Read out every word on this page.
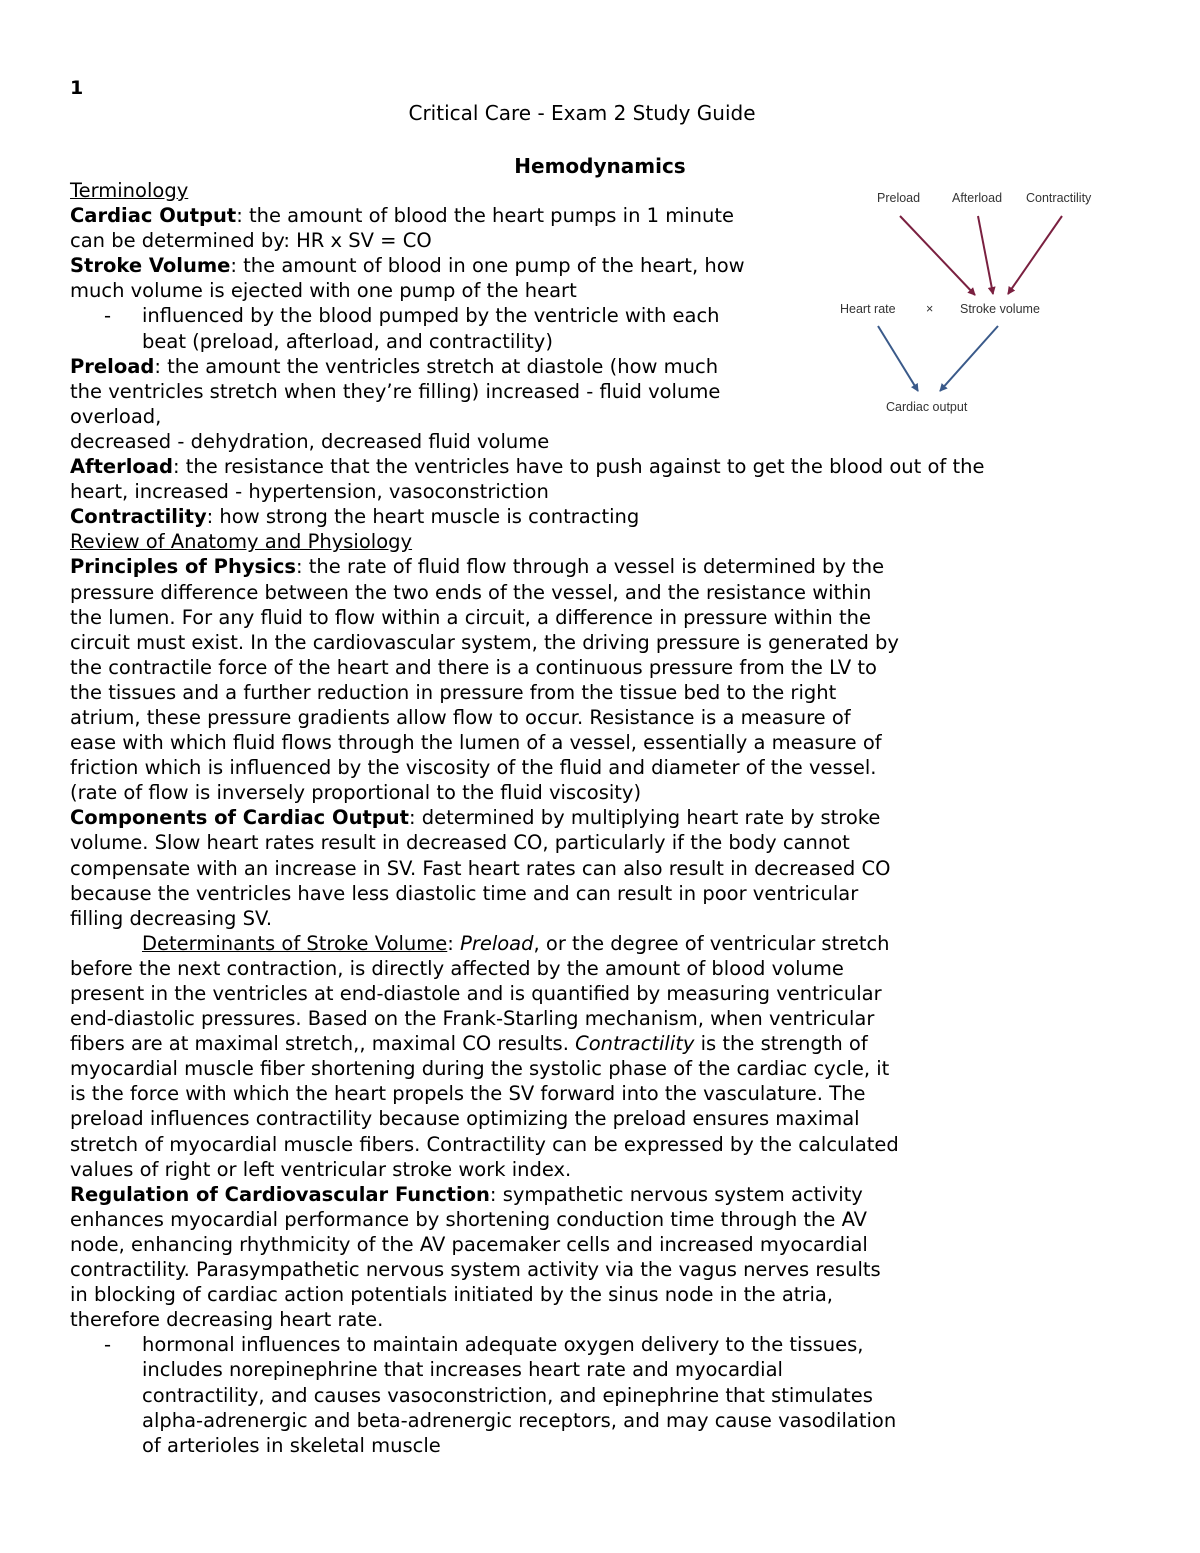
1
Critical Care - Exam 2 Study Guide
Hemodynamics
Preload	Afterload Contractility
Heart rate × Stroke volume
Cardiac output
Terminology
Cardiac Output: the amount of blood the heart pumps in 1 minute
can be determined by: HR x SV = CO
Stroke Volume: the amount of blood in one pump of the heart, how
much volume is ejected with one pump of the heart
- influenced by the blood pumped by the ventricle with each
beat (preload, afterload, and contractility)
Preload: the amount the ventricles stretch at diastole (how much
the ventricles stretch when they’re filling) increased - fluid volume
overload,
decreased - dehydration, decreased fluid volume
Afterload: the resistance that the ventricles have to push against to get the blood out of the
heart, increased - hypertension, vasoconstriction
Contractility: how strong the heart muscle is contracting
Review of Anatomy and Physiology
Principles of Physics: the rate of fluid flow through a vessel is determined by the
pressure difference between the two ends of the vessel, and the resistance within
the lumen. For any fluid to flow within a circuit, a difference in pressure within the
circuit must exist. In the cardiovascular system, the driving pressure is generated by
the contractile force of the heart and there is a continuous pressure from the LV to
the tissues and a further reduction in pressure from the tissue bed to the right
atrium, these pressure gradients allow flow to occur. Resistance is a measure of
ease with which fluid flows through the lumen of a vessel, essentially a measure of
friction which is influenced by the viscosity of the fluid and diameter of the vessel.
(rate of flow is inversely proportional to the fluid viscosity)
Components of Cardiac Output: determined by multiplying heart rate by stroke
volume. Slow heart rates result in decreased CO, particularly if the body cannot
compensate with an increase in SV. Fast heart rates can also result in decreased CO
because the ventricles have less diastolic time and can result in poor ventricular
filling decreasing SV.
Determinants of Stroke Volume: Preload, or the degree of ventricular stretch
before the next contraction, is directly affected by the amount of blood volume
present in the ventricles at end-diastole and is quantified by measuring ventricular
end-diastolic pressures. Based on the Frank-Starling mechanism, when ventricular
fibers are at maximal stretch,, maximal CO results. Contractility is the strength of
myocardial muscle fiber shortening during the systolic phase of the cardiac cycle, it
is the force with which the heart propels the SV forward into the vasculature. The
preload influences contractility because optimizing the preload ensures maximal
stretch of myocardial muscle fibers. Contractility can be expressed by the calculated
values of right or left ventricular stroke work index.
Regulation of Cardiovascular Function: sympathetic nervous system activity
enhances myocardial performance by shortening conduction time through the AV
node, enhancing rhythmicity of the AV pacemaker cells and increased myocardial
contractility. Parasympathetic nervous system activity via the vagus nerves results
in blocking of cardiac action potentials initiated by the sinus node in the atria,
therefore decreasing heart rate.
- hormonal influences to maintain adequate oxygen delivery to the tissues,
includes norepinephrine that increases heart rate and myocardial
contractility, and causes vasoconstriction, and epinephrine that stimulates
alpha-adrenergic and beta-adrenergic receptors, and may cause vasodilation
of arterioles in skeletal muscle
